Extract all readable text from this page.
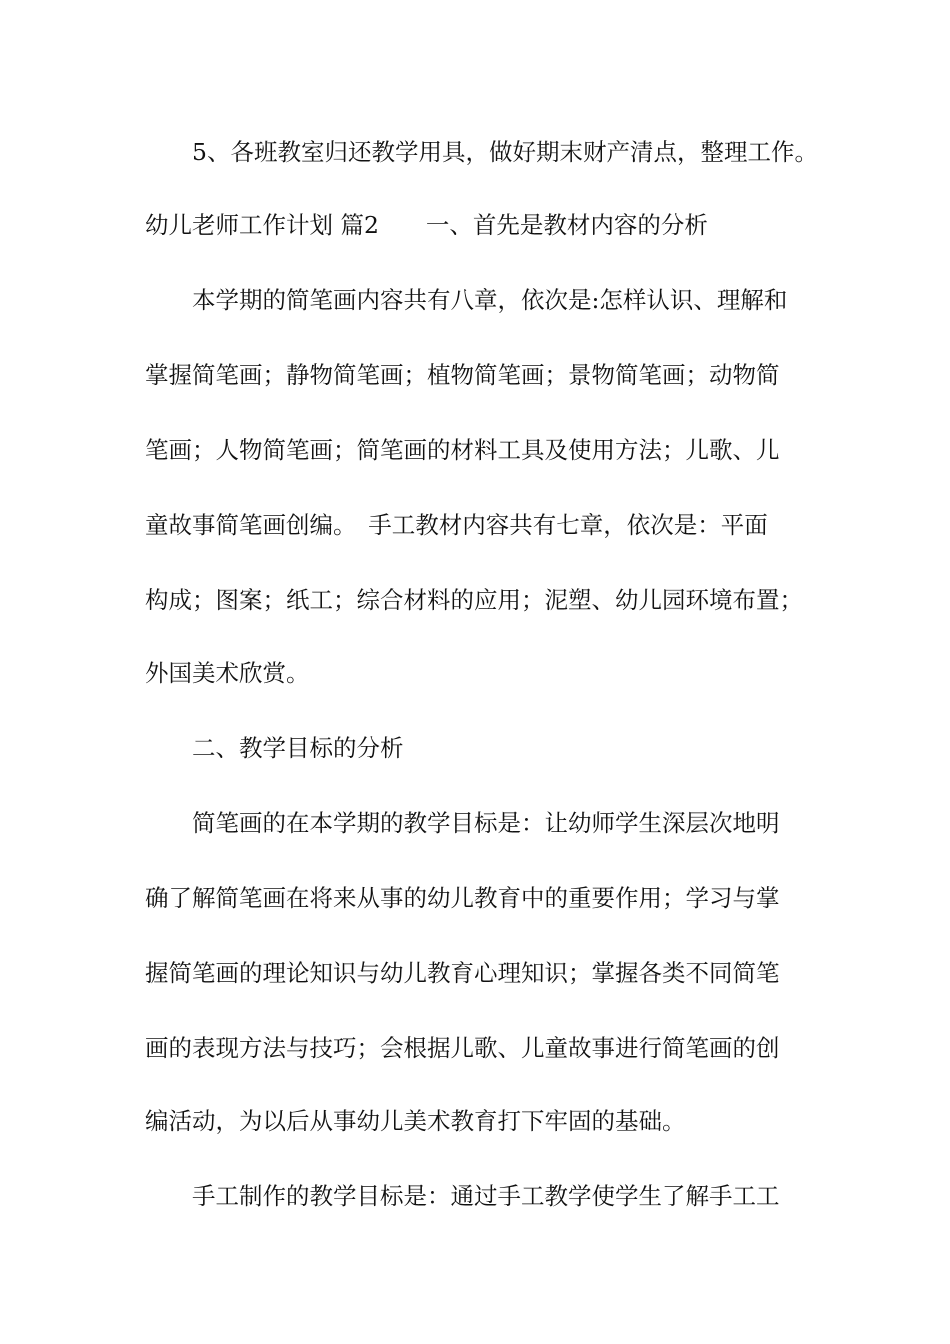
5、各班教室归还教学用具，做好期末财产清点，整理工作。
幼儿老师工作计划 篇2　　一、首先是教材内容的分析
本学期的简笔画内容共有八章，依次是:怎样认识、理解和
掌握简笔画；静物简笔画；植物简笔画；景物简笔画；动物简
笔画；人物简笔画；简笔画的材料工具及使用方法；儿歌、儿
童故事简笔画创编。　手工教材内容共有七章，依次是：平面
构成；图案；纸工；综合材料的应用；泥塑、幼儿园环境布置；
外国美术欣赏。
二、教学目标的分析
简笔画的在本学期的教学目标是：让幼师学生深层次地明
确了解简笔画在将来从事的幼儿教育中的重要作用；学习与掌
握简笔画的理论知识与幼儿教育心理知识；掌握各类不同简笔
画的表现方法与技巧；会根据儿歌、儿童故事进行简笔画的创
编活动，为以后从事幼儿美术教育打下牢固的基础。
手工制作的教学目标是：通过手工教学使学生了解手工工
